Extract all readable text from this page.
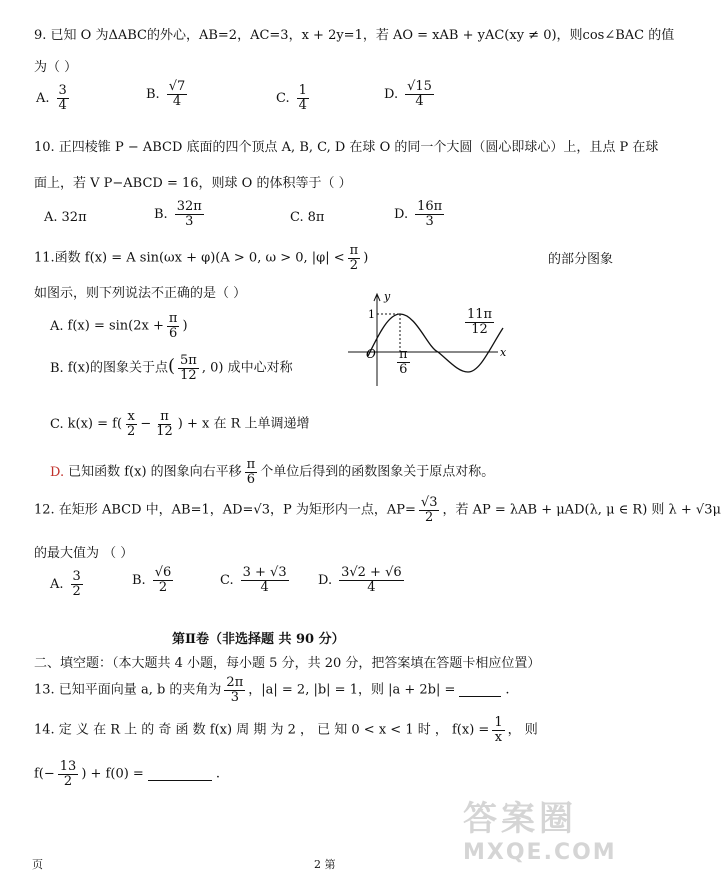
9. 已知 O 为ΔABC的外心，AB=2，AC=3，x + 2y=1，若 AO = xAB + yAC(xy ≠ 0)，则cos∠BAC 的值
为（ ）
A. $\frac{3}{4}$	B. $\frac{√7}{4}$	C. $\frac{1}{4}$	D. $\frac{√15}{4}$
10. 正四棱锥 P − ABCD 底面的四个顶点 A, B, C, D 在球 O 的同一个大圆（圆心即球心）上，且点 P 在球
面上，若 V P−ABCD = 16，则球 O 的体积等于（ ）
A. 32π	B. $\frac{32\pi}{3}$	C. 8π	D. $\frac{16\pi}{3}$
11.函数 f(x) = A sin(ωx + φ)(A > 0, ω > 0, $|\varphi| < \frac{\pi}{2}$ )	的部分图象
如图示，则下列说法不正确的是（ ）
A. $f(x) = \sin(2x + \frac{\pi}{6}$ )
B. f(x)的图象关于点( $\frac{5\pi}{12}$ , 0) 成中心对称
C. $k(x) = f( \frac{x}{2} - \frac{\pi}{12}$ ) + x 在 R 上单调递增
D. 已知函数 f(x) 的图象向右平移 $\frac{\pi}{6}$ 个单位后得到的函数图象关于原点对称。
y
x
O
1
$\frac{\pi}{6}$
$\frac{11\pi}{12}$
12. 在矩形 ABCD 中，AB=1，AD=√3，P 为矩形内一点，$AP= \frac{√3}{2}$ ，若 AP = λAB + μAD(λ, μ ∈ R) 则 λ + √3μ
的最大值为 （ ）
A. $\frac{3}{2}$	B. $\frac{√6}{2}$	C. $\frac{3 + √3}{4} D$. $\frac{3√2 + √6}{4}$
第Ⅱ卷（非选择题 共 90 分）
二、填空题：（本大题共 4 小题，每小题 5 分，共 20 分，把答案填在答题卡相应位置）
13. 已知平面向量 a, b 的夹角为 $\frac{2\pi}{3}$ ，|a| = 2, |b| = 1，则 |a + 2b| =	.
14. 定 义 在 R 上 的 奇 函 数 f(x) 周 期 为 2 ， 已 知 0 < x < 1 时 ， $f(x) = \frac{1}{x}$ ， 则
$f(- \frac{13}{2}$ ) + f(0) =	.
页	2 第
答案圈
MXQE.COM
